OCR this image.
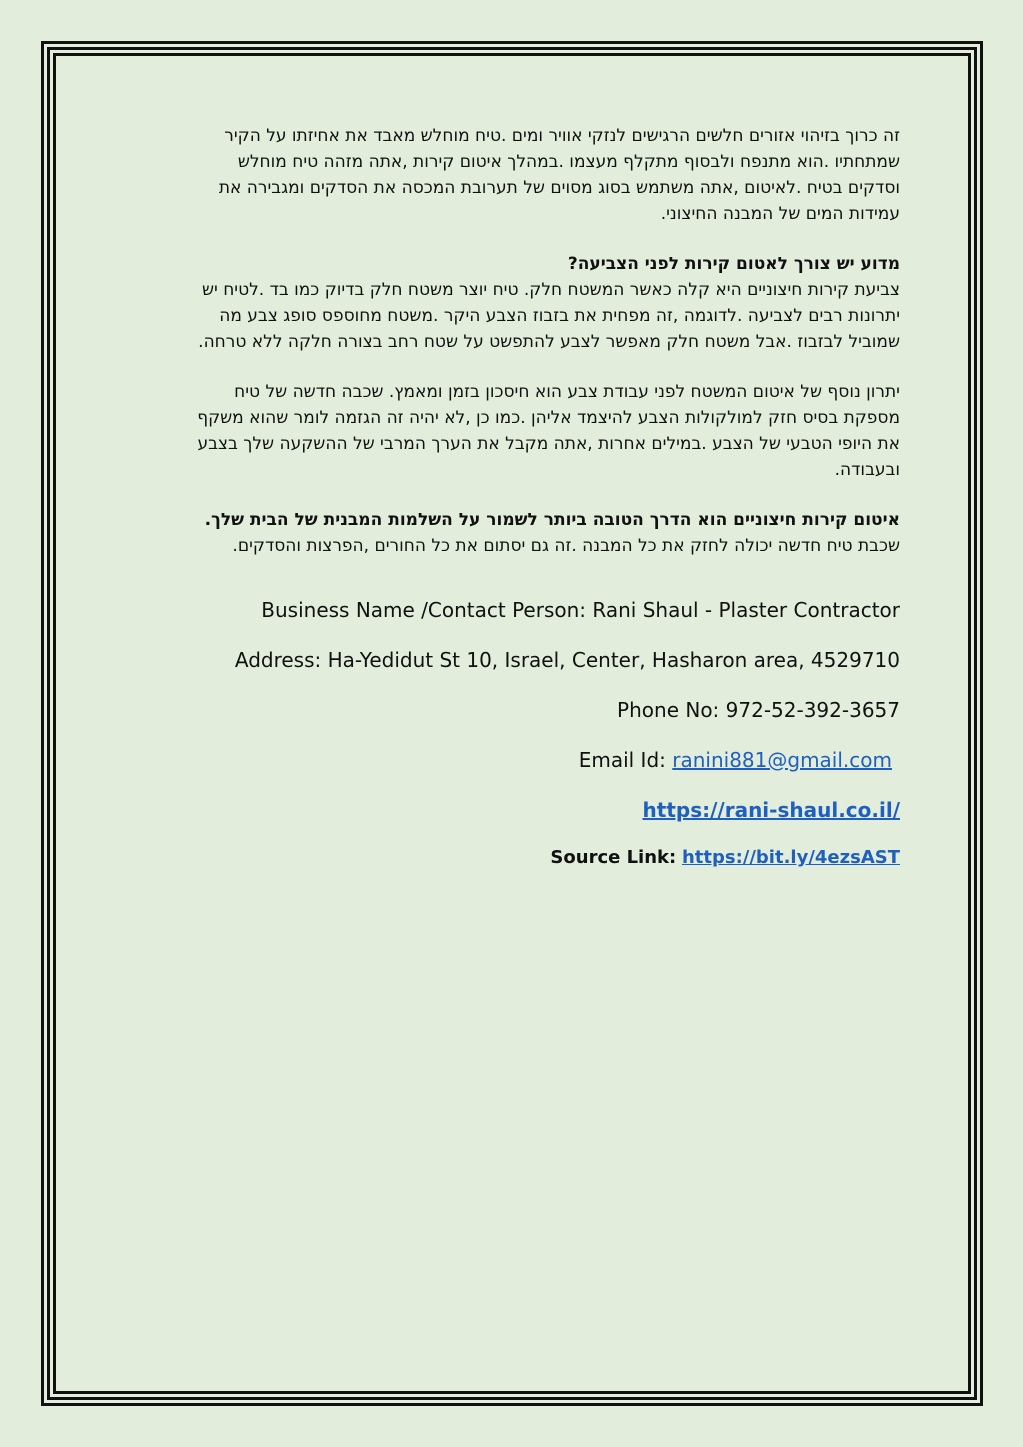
זה כרוך בזיהוי אזורים חלשים הרגישים לנזקי אוויר ומים .טיח מוחלש מאבד את אחיזתו על הקיר
שמתחתיו .הוא מתנפח ולבסוף מתקלף מעצמו .במהלך איטום קירות ,אתה מזהה טיח מוחלש
וסדקים בטיח .לאיטום ,אתה משתמש בסוג מסוים של תערובת המכסה את הסדקים ומגבירה את
עמידות המים של המבנה החיצוני.
מדוע יש צורך לאטום קירות לפני הצביעה?
צביעת קירות חיצוניים היא קלה כאשר המשטח חלק. טיח יוצר משטח חלק בדיוק כמו בד .לטיח יש
יתרונות רבים לצביעה .לדוגמה ,זה מפחית את בזבוז הצבע היקר .משטח מחוספס סופג צבע מה
שמוביל לבזבוז .אבל משטח חלק מאפשר לצבע להתפשט על שטח רחב בצורה חלקה ללא טרחה.
יתרון נוסף של איטום המשטח לפני עבודת צבע הוא חיסכון בזמן ומאמץ. שכבה חדשה של טיח
מספקת בסיס חזק למולקולות הצבע להיצמד אליהן .כמו כן ,לא יהיה זה הגזמה לומר שהוא משקף
את היופי הטבעי של הצבע .במילים אחרות ,אתה מקבל את הערך המרבי של ההשקעה שלך בצבע
ובעבודה.
איטום קירות חיצוניים הוא הדרך הטובה ביותר לשמור על השלמות המבנית של הבית שלך.
שכבת טיח חדשה יכולה לחזק את כל המבנה .זה גם יסתום את כל החורים ,הפרצות והסדקים.

Business Name /Contact Person: Rani Shaul - Plaster Contractor

Address: Ha-Yedidut St 10, Israel, Center, Hasharon area, 4529710

Phone No: 972-52-392-3657

Email Id: ranini881@gmail.com

https://rani-shaul.co.il/

Source Link: https://bit.ly/4ezsAST
